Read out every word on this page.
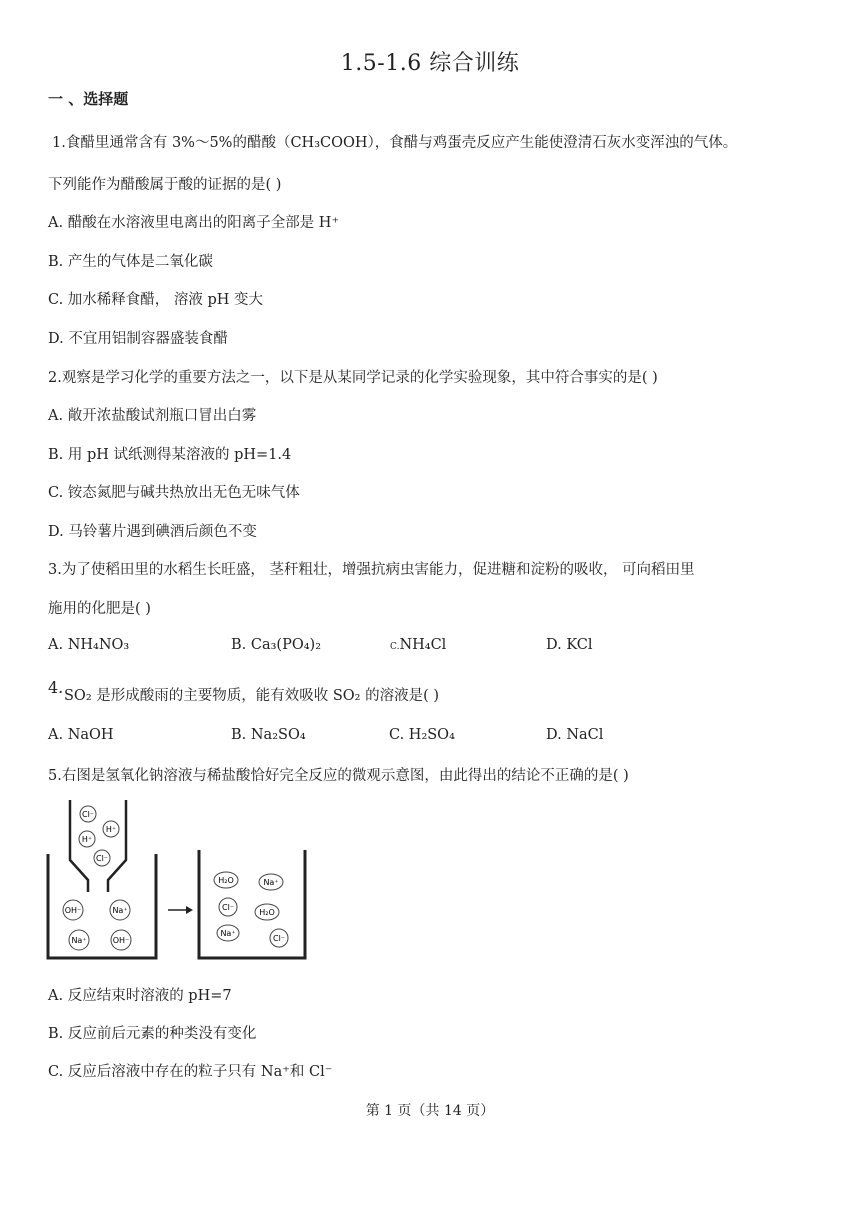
1.5-1.6 综合训练
一 、选择题
1.食醋里通常含有 3%～5%的醋酸（CH₃COOH），食醋与鸡蛋壳反应产生能使澄清石灰水变浑浊的气体。
下列能作为醋酸属于酸的证据的是( )
A. 醋酸在水溶液里电离出的阳离子全部是 H⁺
B. 产生的气体是二氧化碳
C. 加水稀释食醋， 溶液 pH 变大
D. 不宜用铝制容器盛装食醋
2.观察是学习化学的重要方法之一，以下是从某同学记录的化学实验现象，其中符合事实的是( )
A. 敞开浓盐酸试剂瓶口冒出白雾
B. 用 pH 试纸测得某溶液的 pH=1.4
C. 铵态氮肥与碱共热放出无色无味气体
D. 马铃薯片遇到碘酒后颜色不变
3.为了使稻田里的水稻生长旺盛， 茎秆粗壮，增强抗病虫害能力，促进糖和淀粉的吸收， 可向稻田里
施用的化肥是( )
A. NH₄NO₃	B. Ca₃(PO₄)₂	C.NH₄Cl	D. KCl
4. SO₂ 是形成酸雨的主要物质，能有效吸收 SO₂ 的溶液是( )
A. NaOH	B. Na₂SO₄	C. H₂SO₄	D. NaCl
5.右图是氢氧化钠溶液与稀盐酸恰好完全反应的微观示意图，由此得出的结论不正确的是( )
Cl⁻
H⁺
H⁺
Cl⁻
OH⁻	Na⁺
Na⁺	OH⁻
H₂O	Na⁺
Cl⁻
H₂O
Na⁺
Cl⁻
A. 反应结束时溶液的 pH=7
B. 反应前后元素的种类没有变化
C. 反应后溶液中存在的粒子只有 Na⁺和 Cl⁻
第 1 页（共 14 页）
